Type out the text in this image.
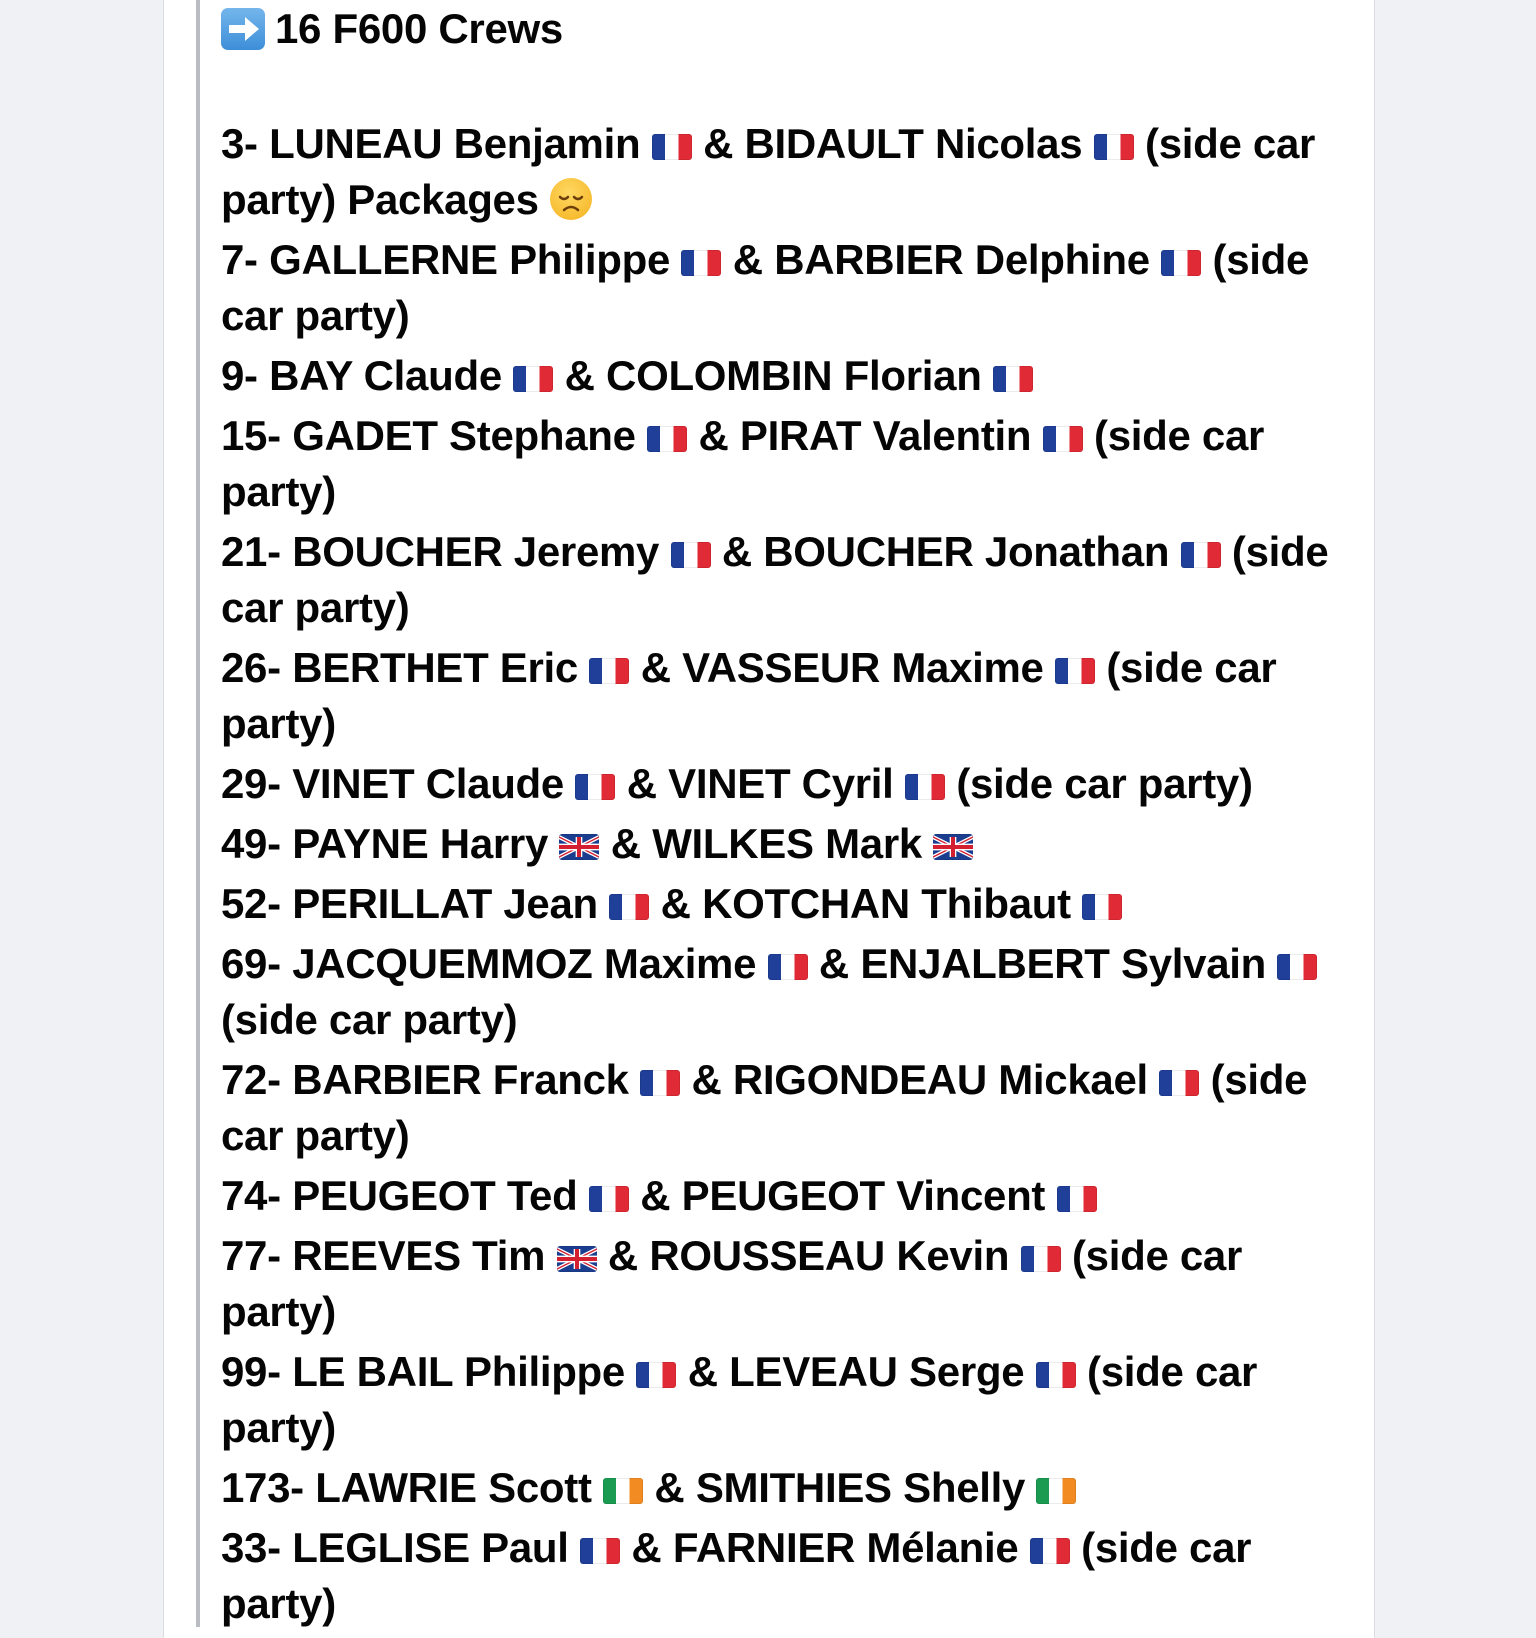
16 F600 Crews
3- LUNEAU Benjamin & BIDAULT Nicolas (side car party) Packages
7- GALLERNE Philippe & BARBIER Delphine (side car party)
9- BAY Claude & COLOMBIN Florian
15- GADET Stephane & PIRAT Valentin (side car party)
21- BOUCHER Jeremy & BOUCHER Jonathan (side car party)
26- BERTHET Eric & VASSEUR Maxime (side car party)
29- VINET Claude & VINET Cyril (side car party)
49- PAYNE Harry & WILKES Mark
52- PERILLAT Jean & KOTCHAN Thibaut
69- JACQUEMMOZ Maxime & ENJALBERT Sylvain  (side car party)
72- BARBIER Franck & RIGONDEAU Mickael (side car party)
74- PEUGEOT Ted & PEUGEOT Vincent
77- REEVES Tim & ROUSSEAU Kevin (side car party)
99- LE BAIL Philippe & LEVEAU Serge (side car party)
173- LAWRIE Scott & SMITHIES Shelly
33- LEGLISE Paul & FARNIER Mélanie (side car party)
